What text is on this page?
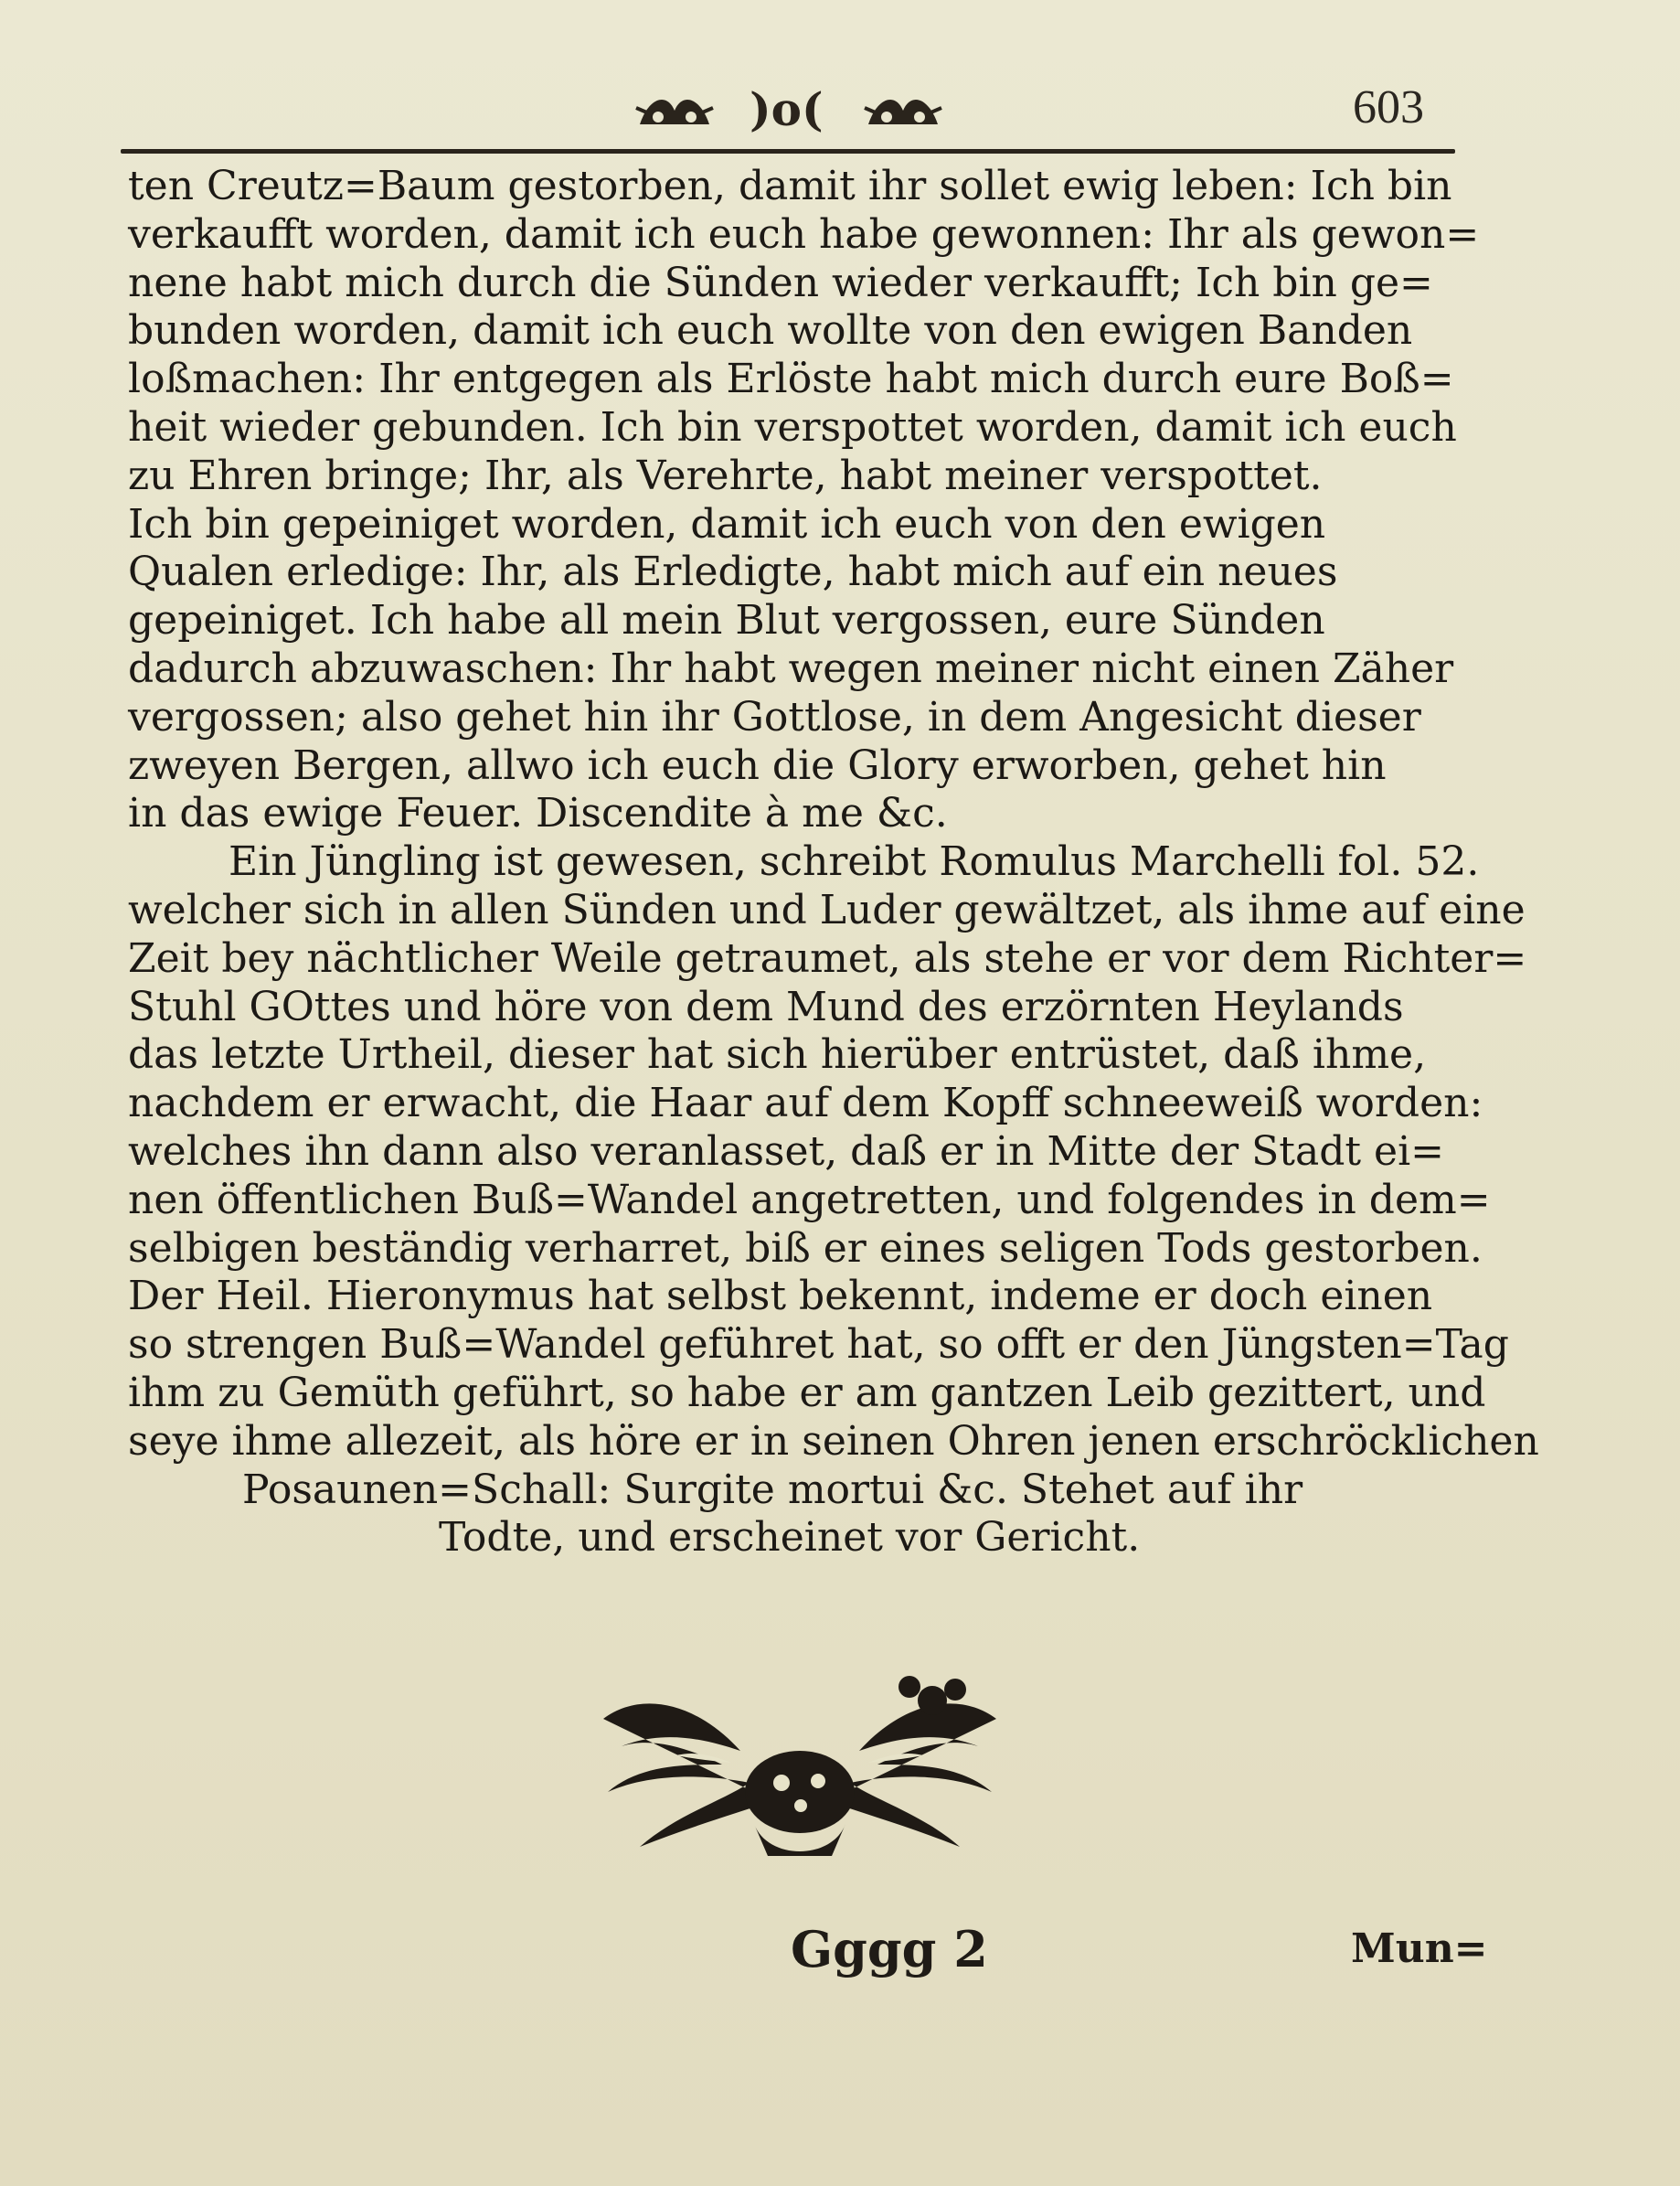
)o(	603
ten Creutz=Baum gestorben, damit ihr sollet ewig leben: Ich bin
verkaufft worden, damit ich euch habe gewonnen: Ihr als gewon=
nene habt mich durch die Sünden wieder verkaufft; Ich bin ge=
bunden worden, damit ich euch wollte von den ewigen Banden
loßmachen: Ihr entgegen als Erlöste habt mich durch eure Boß=
heit wieder gebunden. Ich bin verspottet worden, damit ich euch
zu Ehren bringe; Ihr, als Verehrte, habt meiner verspottet.
Ich bin gepeiniget worden, damit ich euch von den ewigen
Qualen erledige: Ihr, als Erledigte, habt mich auf ein neues
gepeiniget. Ich habe all mein Blut vergossen, eure Sünden
dadurch abzuwaschen: Ihr habt wegen meiner nicht einen Zäher
vergossen; also gehet hin ihr Gottlose, in dem Angesicht dieser
zweyen Bergen, allwo ich euch die Glory erworben, gehet hin
in das ewige Feuer. Discendite à me &c.
Ein Jüngling ist gewesen, schreibt Romulus Marchelli fol. 52.
welcher sich in allen Sünden und Luder gewältzet, als ihme auf eine
Zeit bey nächtlicher Weile getraumet, als stehe er vor dem Richter=
Stuhl GOttes und höre von dem Mund des erzörnten Heylands
das letzte Urtheil, dieser hat sich hierüber entrüstet, daß ihme,
nachdem er erwacht, die Haar auf dem Kopff schneeweiß worden:
welches ihn dann also veranlasset, daß er in Mitte der Stadt ei=
nen öffentlichen Buß=Wandel angetretten, und folgendes in dem=
selbigen beständig verharret, biß er eines seligen Tods gestorben.
Der Heil. Hieronymus hat selbst bekennt, indeme er doch einen
so strengen Buß=Wandel geführet hat, so offt er den Jüngsten=Tag
ihm zu Gemüth geführt, so habe er am gantzen Leib gezittert, und
seye ihme allezeit, als höre er in seinen Ohren jenen erschröcklichen
Posaunen=Schall: Surgite mortui &c. Stehet auf ihr
Todte, und erscheinet vor Gericht.
Gggg 2	Mun=
